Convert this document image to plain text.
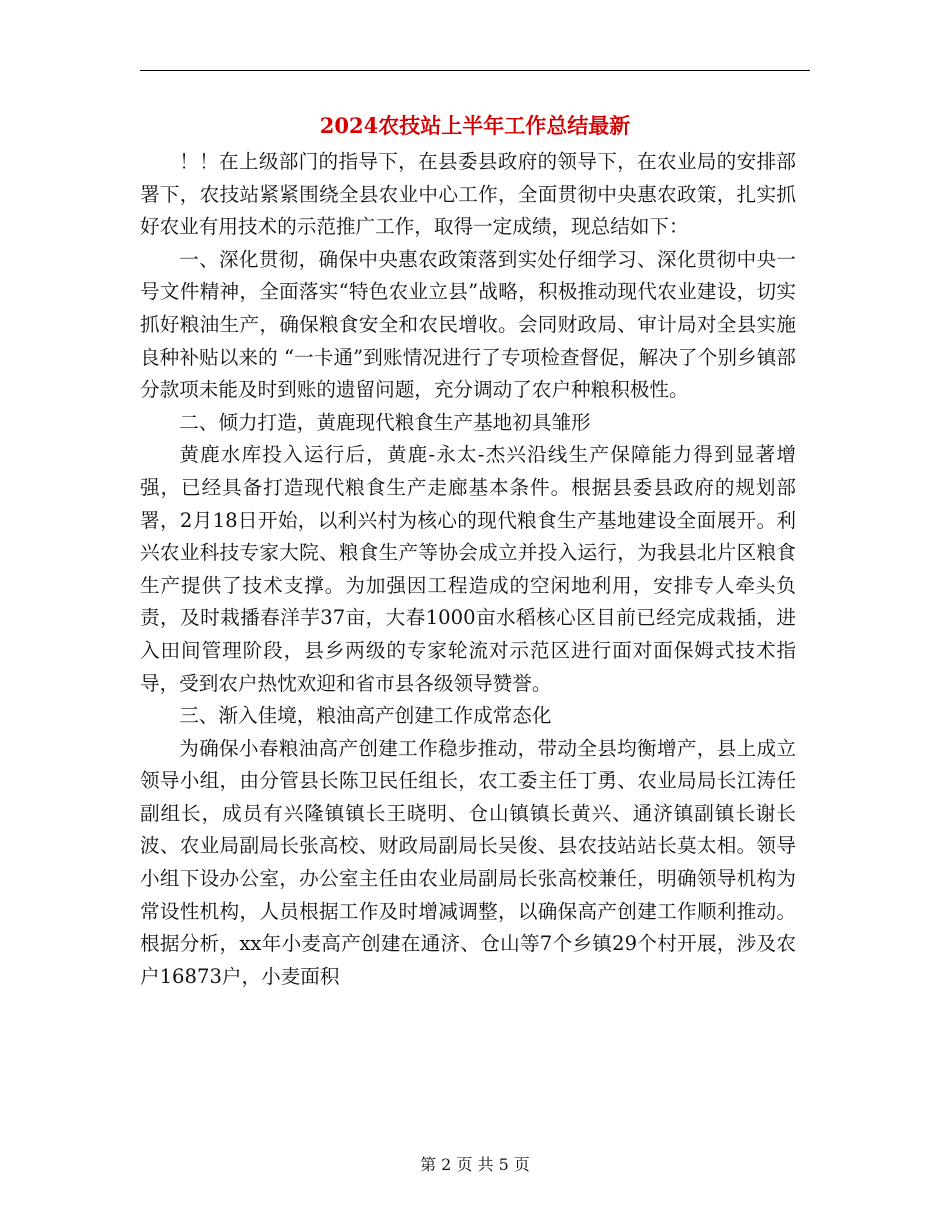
2024农技站上半年工作总结最新

！！在上级部门的指导下，在县委县政府的领导下，在农业局的安排部署下，农技站紧紧围绕全县农业中心工作，全面贯彻中央惠农政策，扎实抓好农业有用技术的示范推广工作，取得一定成绩，现总结如下：

一、深化贯彻，确保中央惠农政策落到实处仔细学习、深化贯彻中央一号文件精神，全面落实“特色农业立县”战略，积极推动现代农业建设，切实抓好粮油生产，确保粮食安全和农民增收。会同财政局、审计局对全县实施良种补贴以来的 “一卡通”到账情况进行了专项检查督促，解决了个别乡镇部分款项未能及时到账的遗留问题，充分调动了农户种粮积极性。

二、倾力打造，黄鹿现代粮食生产基地初具雏形

黄鹿水库投入运行后，黄鹿-永太-杰兴沿线生产保障能力得到显著增强，已经具备打造现代粮食生产走廊基本条件。根据县委县政府的规划部署，2月18日开始，以利兴村为核心的现代粮食生产基地建设全面展开。利兴农业科技专家大院、粮食生产等协会成立并投入运行，为我县北片区粮食生产提供了技术支撑。为加强因工程造成的空闲地利用，安排专人牵头负责，及时栽播春洋芋37亩，大春1000亩水稻核心区目前已经完成栽插，进入田间管理阶段，县乡两级的专家轮流对示范区进行面对面保姆式技术指导，受到农户热忱欢迎和省市县各级领导赞誉。

三、渐入佳境，粮油高产创建工作成常态化

为确保小春粮油高产创建工作稳步推动，带动全县均衡增产，县上成立领导小组，由分管县长陈卫民任组长，农工委主任丁勇、农业局局长江涛任副组长，成员有兴隆镇镇长王晓明、仓山镇镇长黄兴、通济镇副镇长谢长波、农业局副局长张高校、财政局副局长吴俊、县农技站站长莫太相。领导小组下设办公室，办公室主任由农业局副局长张高校兼任，明确领导机构为常设性机构，人员根据工作及时增减调整，以确保高产创建工作顺利推动。根据分析，xx年小麦高产创建在通济、仓山等7个乡镇29个村开展，涉及农户16873户，小麦面积

第 2 页 共 5 页
